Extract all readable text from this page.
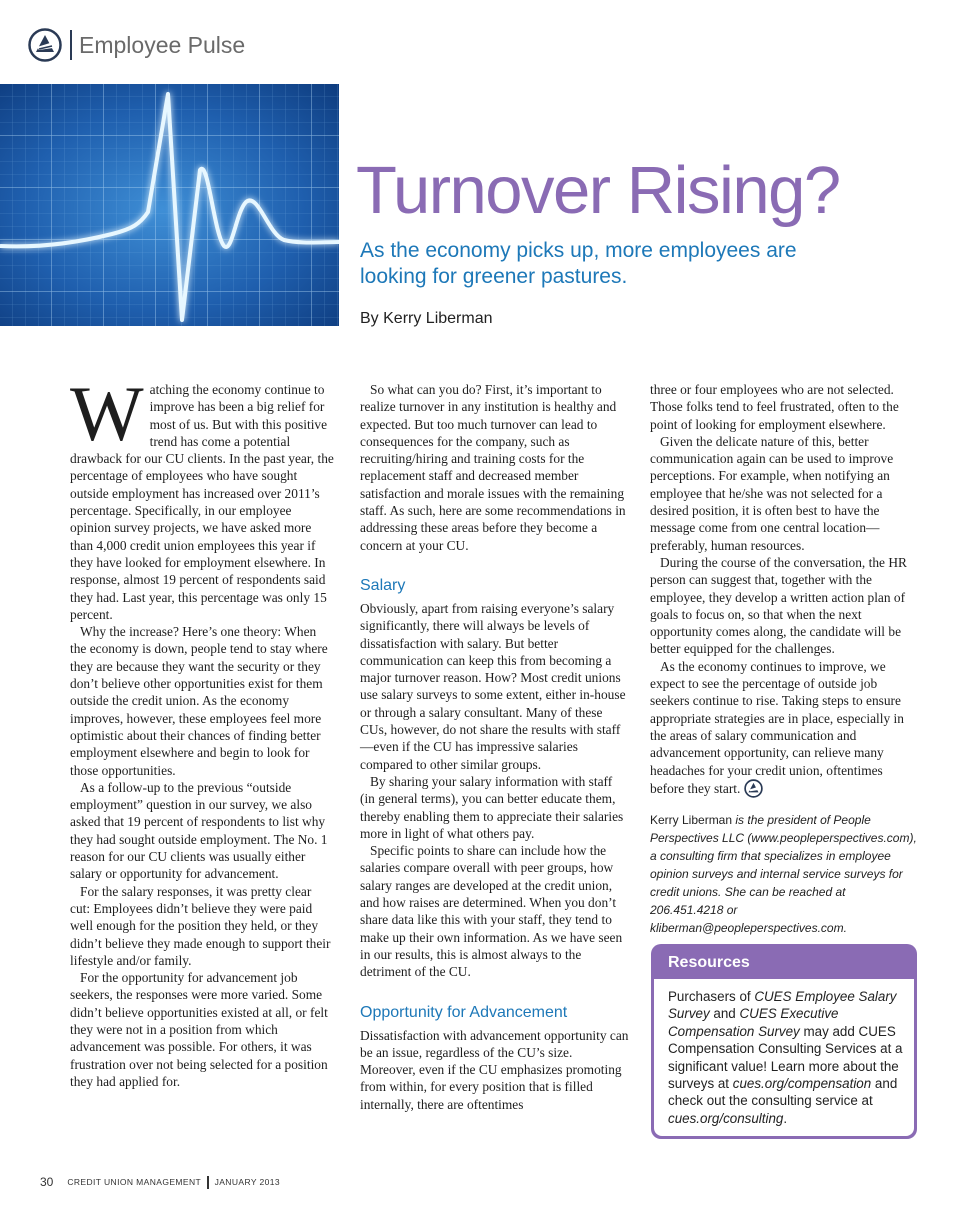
Employee Pulse
Turnover Rising?
As the economy picks up, more employees are looking for greener pastures.
By Kerry Liberman

Watching the economy continue to improve has been a big relief for most of us. But with this positive trend has come a potential drawback for our CU clients. In the past year, the percentage of employees who have sought outside employment has increased over 2011’s percentage. Specifically, in our employee opinion survey projects, we have asked more than 4,000 credit union employees this year if they have looked for employment elsewhere. In response, almost 19 percent of respondents said they had. Last year, this percentage was only 15 percent.

Why the increase? Here’s one theory: When the economy is down, people tend to stay where they are because they want the security or they don’t believe other opportunities exist for them outside the credit union. As the economy improves, however, these employees feel more optimistic about their chances of finding better employment elsewhere and begin to look for those opportunities.

As a follow-up to the previous “outside employment” question in our survey, we also asked that 19 percent of respondents to list why they had sought outside employment. The No. 1 reason for our CU clients was usually either salary or opportunity for advancement.

For the salary responses, it was pretty clear cut: Employees didn’t believe they were paid well enough for the position they held, or they didn’t believe they made enough to support their lifestyle and/or family.

For the opportunity for advancement job seekers, the responses were more varied. Some didn’t believe opportunities existed at all, or felt they were not in a position from which advancement was possible. For others, it was frustration over not being selected for a position they had applied for.

So what can you do? First, it’s important to realize turnover in any institution is healthy and expected. But too much turnover can lead to consequences for the company, such as recruiting/hiring and training costs for the replacement staff and decreased member satisfaction and morale issues with the remaining staff. As such, here are some recommendations in addressing these areas before they become a concern at your CU.

Salary

Obviously, apart from raising everyone’s salary significantly, there will always be levels of dissatisfaction with salary. But better communication can keep this from becoming a major turnover reason. How? Most credit unions use salary surveys to some extent, either in-house or through a salary consultant. Many of these CUs, however, do not share the results with staff—even if the CU has impressive salaries compared to other similar groups.

By sharing your salary information with staff (in general terms), you can better educate them, thereby enabling them to appreciate their salaries more in light of what others pay.

Specific points to share can include how the salaries compare overall with peer groups, how salary ranges are developed at the credit union, and how raises are determined. When you don’t share data like this with your staff, they tend to make up their own information. As we have seen in our results, this is almost always to the detriment of the CU.

Opportunity for Advancement

Dissatisfaction with advancement opportunity can be an issue, regardless of the CU’s size. Moreover, even if the CU emphasizes promoting from within, for every position that is filled internally, there are oftentimes

three or four employees who are not selected. Those folks tend to feel frustrated, often to the point of looking for employment elsewhere.

Given the delicate nature of this, better communication again can be used to improve perceptions. For example, when notifying an employee that he/she was not selected for a desired position, it is often best to have the message come from one central location—preferably, human resources.

During the course of the conversation, the HR person can suggest that, together with the employee, they develop a written action plan of goals to focus on, so that when the next opportunity comes along, the candidate will be better equipped for the challenges.

As the economy continues to improve, we expect to see the percentage of outside job seekers continue to rise. Taking steps to ensure appropriate strategies are in place, especially in the areas of salary communication and advancement opportunity, can relieve many headaches for your credit union, oftentimes before they start.

Kerry Liberman is the president of People Perspectives LLC (www.peopleperspectives.com), a consulting firm that specializes in employee opinion surveys and internal service surveys for credit unions. She can be reached at 206.451.4218 or kliberman@peopleperspectives.com.
Resources
Purchasers of CUES Employee Salary Survey and CUES Executive Compensation Survey may add CUES Compensation Consulting Services at a significant value! Learn more about the surveys at cues.org/compensation and check out the consulting service at cues.org/consulting.
30 CREDIT UNION MANAGEMENT JANUARY 2013
